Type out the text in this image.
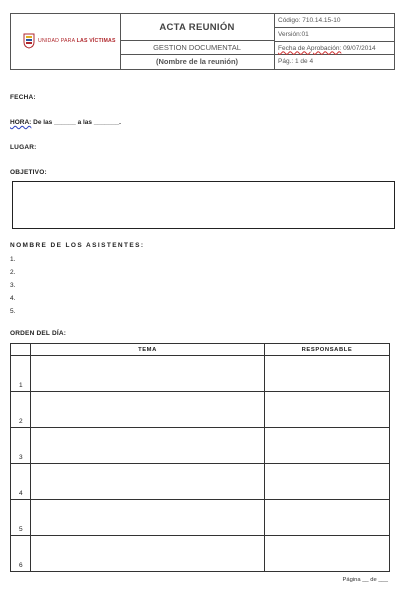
UNIDAD PARA LAS VÍCTIMAS
ACTA REUNIÓN
GESTION DOCUMENTAL
(Nombre de la reunión)
Código: 710.14.15-10
Versión:01
Fecha de Aprobación: 09/07/2014
Pág.: 1 de 4
FECHA:
HORA: De las ______ a las _______.
LUGAR:
OBJETIVO:
NOMBRE DE LOS ASISTENTES:
1.
2.
3.
4.
5.
ORDEN DEL DÍA:
	TEMA	RESPONSABLE
1		
2		
3		
4		
5		
6		
Página __ de ___
